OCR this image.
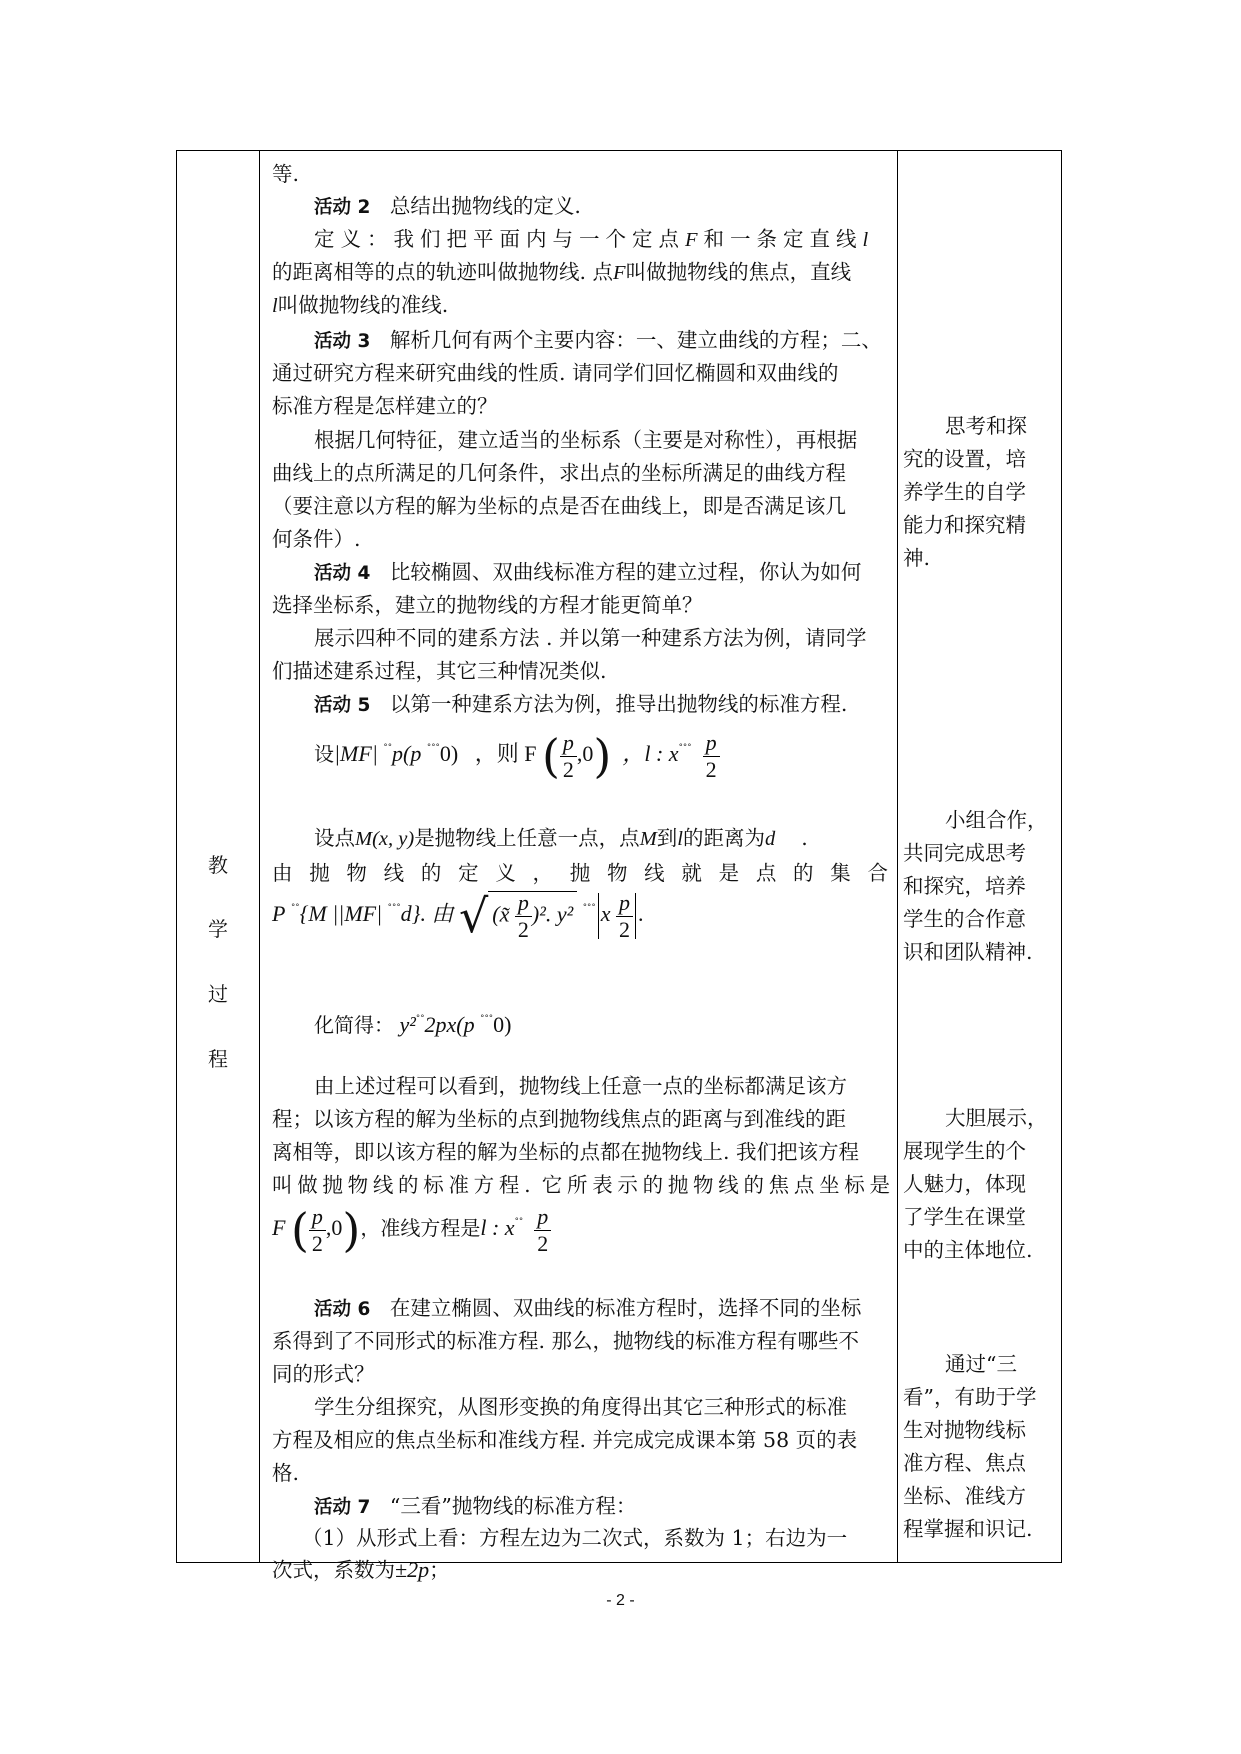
教
学
过
程
等.
活动 2 总结出抛物线的定义.
定义：我们把平面内与一个定点F和一条定直线l
的距离相等的点的轨迹叫做抛物线. 点F叫做抛物线的焦点，直线
l叫做抛物线的准线.
活动 3 解析几何有两个主要内容：一、建立曲线的方程；二、
通过研究方程来研究曲线的性质. 请同学们回忆椭圆和双曲线的
标准方程是怎样建立的？
根据几何特征，建立适当的坐标系（主要是对称性），再根据
曲线上的点所满足的几何条件，求出点的坐标所满足的曲线方程
（要注意以方程的解为坐标的点是否在曲线上，即是否满足该几
何条件）.
活动 4 比较椭圆、双曲线标准方程的建立过程，你认为如何
选择坐标系，建立的抛物线的方程才能更简单？
展示四种不同的建系方法 . 并以第一种建系方法为例，请同学
们描述建系过程，其它三种情况类似.
活动 5 以第一种建系方法为例，推导出抛物线的标准方程.
设|MF| ˚˚p(p ˚˚˚0) ，则 F ( $\frac{p}{2} ,0$) ，l : $x^{˚˚˚} \frac{p}{2}$
设点M(x, y)是抛物线上任意一点，点M到l的距离为d .
由抛物线的定义，抛物线就是点的集合
P ˚˚{M ||MF| ˚˚˚d}. 由 √ (x̃ $\frac{p}{2} )^2$. y² ˚˚˚ x $\frac{p}{2}$ .
化简得： y²˚˚2px(p ˚˚˚0)
由上述过程可以看到，抛物线上任意一点的坐标都满足该方
程；以该方程的解为坐标的点到抛物线焦点的距离与到准线的距
离相等，即以该方程的解为坐标的点都在抛物线上. 我们把该方程
叫做抛物线的标准方程. 它所表示的抛物线的焦点坐标是
F ( $\frac{p}{2} ,0$)，准线方程是l : $x^{˚˚} \frac{p}{2}$
活动 6 在建立椭圆、双曲线的标准方程时，选择不同的坐标
系得到了不同形式的标准方程. 那么，抛物线的标准方程有哪些不
同的形式？
学生分组探究，从图形变换的角度得出其它三种形式的标准
方程及相应的焦点坐标和准线方程. 并完成完成课本第 58 页的表
格.
活动 7 “三看”抛物线的标准方程：
（1）从形式上看：方程左边为二次式，系数为 1；右边为一
次式，系数为±2p；
思考和探
究的设置，培
养学生的自学
能力和探究精
神.
小组合作，
共同完成思考
和探究，培养
学生的合作意
识和团队精神.
大胆展示，
展现学生的个
人魅力，体现
了学生在课堂
中的主体地位.
通过“三
看”，有助于学
生对抛物线标
准方程、焦点
坐标、准线方
程掌握和识记.
- 2 -
